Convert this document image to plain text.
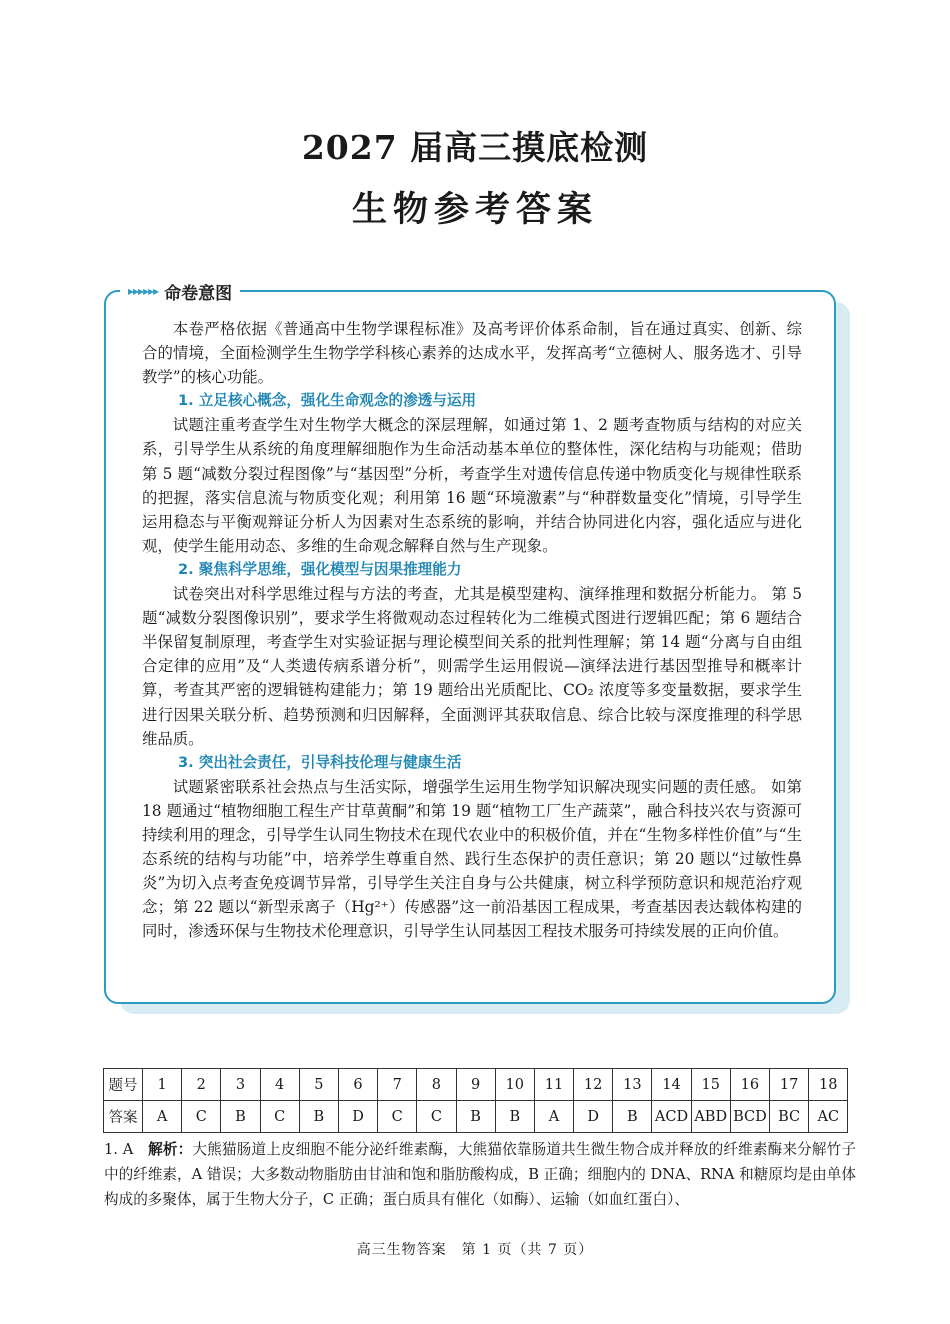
2027 届高三摸底检测
生物参考答案
▸▸▸▸▸▸ 命卷意图

本卷严格依据《普通高中生物学课程标准》及高考评价体系命制，旨在通过真实、创新、综合的情境，全面检测学生生物学学科核心素养的达成水平，发挥高考“立德树人、服务选才、引导教学”的核心功能。

1. 立足核心概念，强化生命观念的渗透与运用

试题注重考查学生对生物学大概念的深层理解，如通过第 1、2 题考查物质与结构的对应关系，引导学生从系统的角度理解细胞作为生命活动基本单位的整体性，深化结构与功能观；借助第 5 题“减数分裂过程图像”与“基因型”分析，考查学生对遗传信息传递中物质变化与规律性联系的把握，落实信息流与物质变化观；利用第 16 题“环境激素”与“种群数量变化”情境，引导学生运用稳态与平衡观辩证分析人为因素对生态系统的影响，并结合协同进化内容，强化适应与进化观，使学生能用动态、多维的生命观念解释自然与生产现象。

2. 聚焦科学思维，强化模型与因果推理能力

试卷突出对科学思维过程与方法的考查，尤其是模型建构、演绎推理和数据分析能力。 第 5 题“减数分裂图像识别”，要求学生将微观动态过程转化为二维模式图进行逻辑匹配；第 6 题结合半保留复制原理，考查学生对实验证据与理论模型间关系的批判性理解；第 14 题“分离与自由组合定律的应用”及“人类遗传病系谱分析”，则需学生运用假说—演绎法进行基因型推导和概率计算，考查其严密的逻辑链构建能力；第 19 题给出光质配比、CO₂ 浓度等多变量数据，要求学生进行因果关联分析、趋势预测和归因解释，全面测评其获取信息、综合比较与深度推理的科学思维品质。

3. 突出社会责任，引导科技伦理与健康生活

试题紧密联系社会热点与生活实际，增强学生运用生物学知识解决现实问题的责任感。 如第 18 题通过“植物细胞工程生产甘草黄酮”和第 19 题“植物工厂生产蔬菜”，融合科技兴农与资源可持续利用的理念，引导学生认同生物技术在现代农业中的积极价值，并在“生物多样性价值”与“生态系统的结构与功能”中，培养学生尊重自然、践行生态保护的责任意识；第 20 题以“过敏性鼻炎”为切入点考查免疫调节异常，引导学生关注自身与公共健康，树立科学预防意识和规范治疗观念；第 22 题以“新型汞离子（Hg²⁺）传感器”这一前沿基因工程成果，考查基因表达载体构建的同时，渗透环保与生物技术伦理意识，引导学生认同基因工程技术服务可持续发展的正向价值。

题号	1	2	3	4	5	6	7	8	9	10	11	12	13	14	15	16	17	18
答案	A	C	B	C	B	D	C	C	B	B	A	D	B	ACD	ABD	BCD	BC	AC

1. A　解析：大熊猫肠道上皮细胞不能分泌纤维素酶，大熊猫依靠肠道共生微生物合成并释放的纤维素酶来分解竹子中的纤维素，A 错误；大多数动物脂肪由甘油和饱和脂肪酸构成，B 正确；细胞内的 DNA、RNA 和糖原均是由单体构成的多聚体，属于生物大分子，C 正确；蛋白质具有催化（如酶）、运输（如血红蛋白）、

高三生物答案　第 1 页（共 7 页）
